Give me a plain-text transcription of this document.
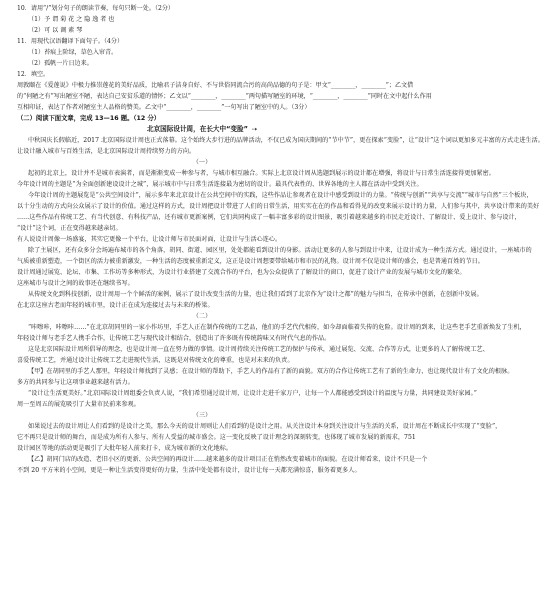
10．请用“/”划分句子的朗读节奏，每句只断一处。（2分）
（1）予 谓 菊 花 之 隐 逸 者 也
（2）可 以 调 素 琴
11．用现代汉语翻译下面句子。（4分）
（1）苔痕上阶绿，草色入帘青。
（2）孤帆一片日边来。
12．填空。
周敦颐在《爱莲说》中极力推崇莲花的美好品质，比喻君子洁身自好、不与世俗同流合污的高尚品德的句子是：甲文“________，________”；乙文借
的“何陋之有”写出陋室不陋，表达自己安贫乐道的情怀；乙文以“________，________”两句描写陋室的环境，“________，________”同时在文中起什么作用
互相印证，表达了作者对陋室主人品格的赞美。乙文中“________，________”一句写出了陋室中的人。（3分）
（二）阅读下面文章，完成 13—16 题。（12 分）
北京国际设计周，在长大中“变脸” ⇢
中秋国庆长假临近，2017 北京国际设计周也正式落幕。这个始终大步行进的品牌活动，不仅已成为国庆期间的“节中节”，更在探索“变脸”，让“设计”这个词以更加多元丰富的方式走进生活。
让设计融入城市与百姓生活，是北京国际设计周持续努力的方向。
（一）
起初的北京上，设计并不是城市表演者，而是渐渐变成一种参与者，与城市相互融合。实际上北京设计周从选题到展示的设计都在增强，将设计与日常生活连接得更加紧密。
今年设计周的主题是“为全面创新建设设计之城”，展示城市中与日常生活连接最为密切的设计。最具代表性的、世界各地的主人都在活动中受到关注。
今年设计周的主题展览是“公共空间设计”，展示多年来北京设计在公共空间中的实践，这些作品让参观者在设计中感受到设计的力量。“传统与创新”“共享与交流”“城市与自然”三个板块，
以十分生动的方式向公众展示了设计的价值。通过这样的方式，设计周把设计带进了人们的日常生活，用实实在在的作品和看得见的改变来展示设计的力量，人们参与其中，共享设计带来的美好
……这些作品有传统工艺、有当代创意、有科技产品，还有城市更新案例，它们共同构成了一幅丰富多彩的设计图景，吸引着越来越多的市民走近设计、了解设计、爱上设计、参与设计，
“设计”这个词，正在变得越来越亲切。
有人说设计周像一场盛宴，其实它更像一个平台，让设计师与市民面对面，让设计与生活心连心。
除了主展区，还有众多分会场遍布城市的各个角落，胡同、街道、园区里，处处都能看到设计的身影。活动让更多的人参与到设计中来，让设计成为一种生活方式。通过设计，一座城市的
气质被重新塑造，一个街区的活力被重新激发，一种生活的态度被重新定义，这正是设计周想要带给城市和市民的礼物。设计周不仅是设计师的盛会，也是普通百姓的节日。
设计周通过展览、论坛、市集、工作坊等多种形式，为设计行业搭建了交流合作的平台，也为公众提供了了解设计的窗口，促进了设计产业的发展与城市文化的繁荣。
这座城市与设计之间的故事还在继续书写。
从传统文化到科技创新，设计周用一个个鲜活的案例，展示了设计改变生活的力量，也让我们看到了北京作为“设计之都”的魅力与担当，在传承中创新，在创新中发展。
在北京这座古老而年轻的城市里，设计正在成为连接过去与未来的桥梁。
（二）
“咔嚓咔，咔嚓咔……”在北京胡同里的一家小作坊里，手艺人正在制作传统的工艺品，他们的手艺代代相传，如今却面临着失传的危险。设计周的到来，让这些老手艺重新焕发了生机，
年轻设计师与老手艺人携手合作，让传统工艺与现代设计相结合，创造出了许多既有传统韵味又有时代气息的作品。
这是北京国际设计周所倡导的理念，也是设计周一直在努力做的事情。设计周持续关注传统工艺的保护与传承，通过展览、交流、合作等方式，让更多的人了解传统工艺、
喜爱传统工艺，并通过设计让传统工艺走进现代生活，这既是对传统文化的尊重，也是对未来的负责。
【甲】在胡同里的手艺人那里，年轻设计师找到了灵感；在设计师的帮助下，手艺人的作品有了新的面貌。双方的合作让传统工艺有了新的生命力，也让现代设计有了文化的根脉。
多方的共同参与让这项事业越来越有活力。
“设计让生活更美好。”北京国际设计周组委会负责人说，“我们希望通过设计周，让设计走进千家万户，让每一个人都能感受到设计的温度与力量，共同建设美好家园。”
周一至周五的展览吸引了大量市民前来参观。
（三）
如果说过去的设计周让人们看到的是设计之美，那么今天的设计周则让人们看到的是设计之用。从关注设计本身到关注设计与生活的关系，设计周在不断成长中实现了“变脸”，
它不再只是设计师的舞台，而是成为所有人参与、所有人受益的城市盛会。这一变化反映了设计理念的深刻转变，也体现了城市发展的新需求，751
设计园区等地的活动更是吸引了大批年轻人前来打卡，成为城市新的文化地标。
【乙】胡同门店的改造、老旧小区的更新、公共空间的再设计……越来越多的设计项目正在悄然改变着城市的面貌。在设计师看来，设计不只是一个
不到 20 平方米的小空间，更是一种让生活变得更好的力量，生活中处处都有设计，设计让每一天都充满惊喜，服务着更多人。
